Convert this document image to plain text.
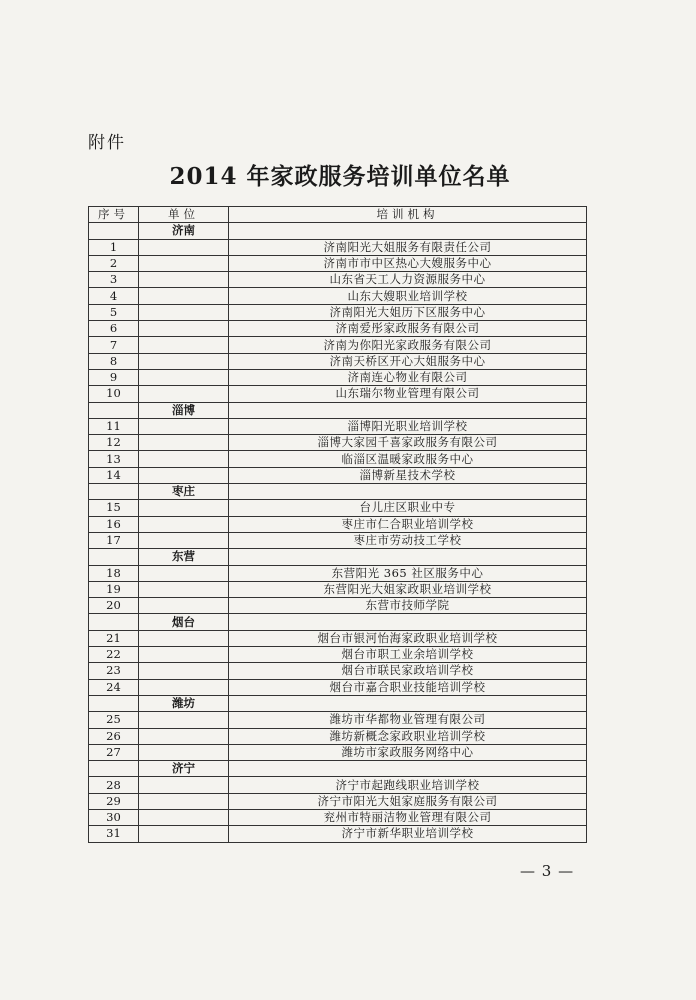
附件
2014 年家政服务培训单位名单
序号	单位	培训机构
	济南	
1		济南阳光大姐服务有限责任公司
2		济南市市中区热心大嫂服务中心
3		山东省天工人力资源服务中心
4		山东大嫂职业培训学校
5		济南阳光大姐历下区服务中心
6		济南爱彤家政服务有限公司
7		济南为你阳光家政服务有限公司
8		济南天桥区开心大姐服务中心
9		济南连心物业有限公司
10		山东瑞尔物业管理有限公司
	淄博	
11		淄博阳光职业培训学校
12		淄博大家园千喜家政服务有限公司
13		临淄区温暖家政服务中心
14		淄博新星技术学校
	枣庄	
15		台儿庄区职业中专
16		枣庄市仁合职业培训学校
17		枣庄市劳动技工学校
	东营	
18		东营阳光 365 社区服务中心
19		东营阳光大姐家政职业培训学校
20		东营市技师学院
	烟台	
21		烟台市银河怡海家政职业培训学校
22		烟台市职工业余培训学校
23		烟台市联民家政培训学校
24		烟台市嘉合职业技能培训学校
	潍坊	
25		潍坊市华都物业管理有限公司
26		潍坊新概念家政职业培训学校
27		潍坊市家政服务网络中心
	济宁	
28		济宁市起跑线职业培训学校
29		济宁市阳光大姐家庭服务有限公司
30		兖州市特丽洁物业管理有限公司
31		济宁市新华职业培训学校
— 3 —
